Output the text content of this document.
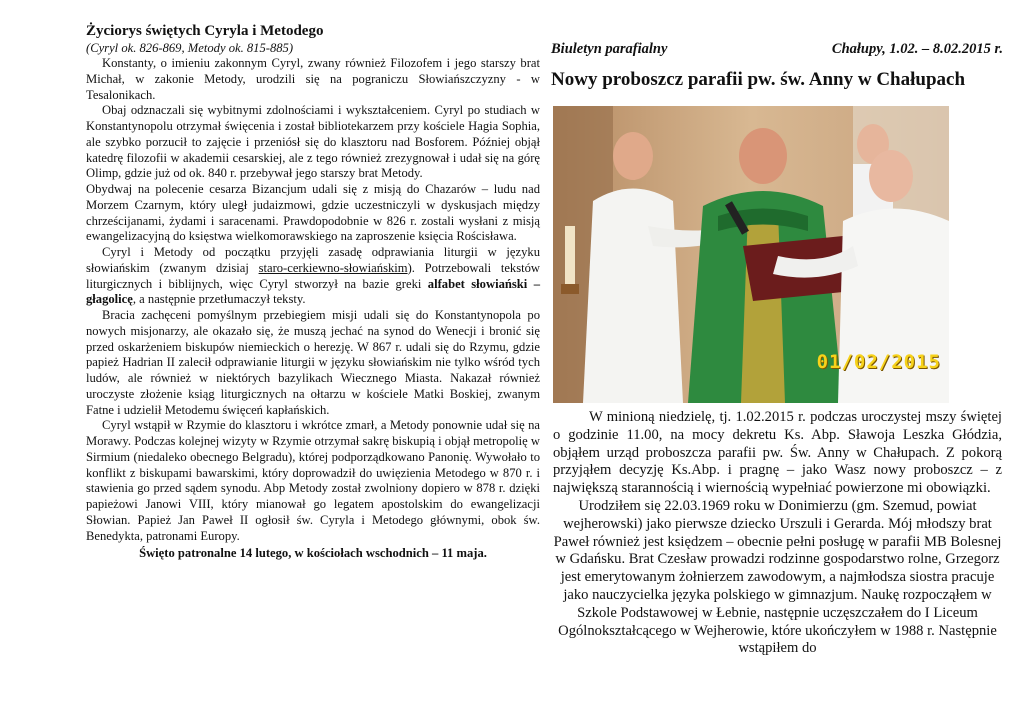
Życiorys świętych Cyryla i Metodego

(Cyryl ok. 826-869, Metody ok. 815-885)

Konstanty, o imieniu zakonnym Cyryl, zwany również Filozofem i jego starszy brat Michał, w zakonie Metody, urodzili się na pograniczu Słowiańszczyzny - w Tesalonikach.

Obaj odznaczali się wybitnymi zdolnościami i wykształceniem. Cyryl po studiach w Konstantynopolu otrzymał święcenia i został bibliotekarzem przy kościele Hagia Sophia, ale szybko porzucił to zajęcie i przeniósł się do klasztoru nad Bosforem. Później objął katedrę filozofii w akademii cesarskiej, ale z tego również zrezygnował i udał się na górę Olimp, gdzie już od ok. 840 r. przebywał jego starszy brat Metody.

Obydwaj na polecenie cesarza Bizancjum udali się z misją do Chazarów – ludu nad Morzem Czarnym, który uległ judaizmowi, gdzie uczestniczyli w dyskusjach między chrześcijanami, żydami i saracenami. Prawdopodobnie w 826 r. zostali wysłani z misją ewangelizacyjną do księstwa wielkomorawskiego na zaproszenie księcia Rościsława.

Cyryl i Metody od początku przyjęli zasadę odprawiania liturgii w języku słowiańskim (zwanym dzisiaj staro-cerkiewno-słowiańskim). Potrzebowali tekstów liturgicznych i biblijnych, więc Cyryl stworzył na bazie greki alfabet słowiański – głagolicę, a następnie przetłumaczył teksty.

Bracia zachęceni pomyślnym przebiegiem misji udali się do Konstantynopola po nowych misjonarzy, ale okazało się, że muszą jechać na synod do Wenecji i bronić się przed oskarżeniem biskupów niemieckich o herezję. W 867 r. udali się do Rzymu, gdzie papież Hadrian II zalecił odprawianie liturgii w języku słowiańskim nie tylko wśród tych ludów, ale również w niektórych bazylikach Wiecznego Miasta. Nakazał również uroczyste złożenie ksiąg liturgicznych na ołtarzu w kościele Matki Boskiej, zwanym Fatne i udzielił Metodemu święceń kapłańskich.

Cyryl wstąpił w Rzymie do klasztoru i wkrótce zmarł, a Metody ponownie udał się na Morawy. Podczas kolejnej wizyty w Rzymie otrzymał sakrę biskupią i objął metropolię w Sirmium (niedaleko obecnego Belgradu), której podporządkowano Panonię. Wywołało to konflikt z biskupami bawarskimi, który doprowadził do uwięzienia Metodego w 870 r. i stawienia go przed sądem synodu. Abp Metody został zwolniony dopiero w 878 r. dzięki papieżowi Janowi VIII, który mianował go legatem apostolskim do ewangelizacji Słowian. Papież Jan Paweł II ogłosił św. Cyryla i Metodego głównymi, obok św. Benedykta, patronami Europy.

Święto patronalne 14 lutego, w kościołach wschodnich – 11 maja.

Biuletyn parafialny	Chałupy, 1.02. – 8.02.2015 r.

Nowy proboszcz parafii pw. św. Anny w Chałupach

01/02/2015

W minioną niedzielę, tj. 1.02.2015 r. podczas uroczystej mszy świętej o godzinie 11.00, na mocy dekretu Ks. Abp. Sławoja Leszka Głódzia, objąłem urząd proboszcza parafii pw. Św. Anny w Chałupach. Z pokorą przyjąłem decyzję Ks.Abp. i pragnę – jako Wasz nowy proboszcz – z największą starannością i wiernością wypełniać powierzone mi obowiązki.

Urodziłem się 22.03.1969 roku w Donimierzu (gm. Szemud, powiat wejherowski) jako pierwsze dziecko Urszuli i Gerarda. Mój młodszy brat Paweł również jest księdzem – obecnie pełni posługę w parafii MB Bolesnej w Gdańsku. Brat Czesław prowadzi rodzinne gospodarstwo rolne, Grzegorz jest emerytowanym żołnierzem zawodowym, a najmłodsza siostra pracuje jako nauczycielka języka polskiego w gimnazjum. Naukę rozpocząłem w Szkole Podstawowej w Łebnie, następnie uczęszczałem do I Liceum Ogólnokształcącego w Wejherowie, które ukończyłem w 1988 r. Następnie wstąpiłem do
